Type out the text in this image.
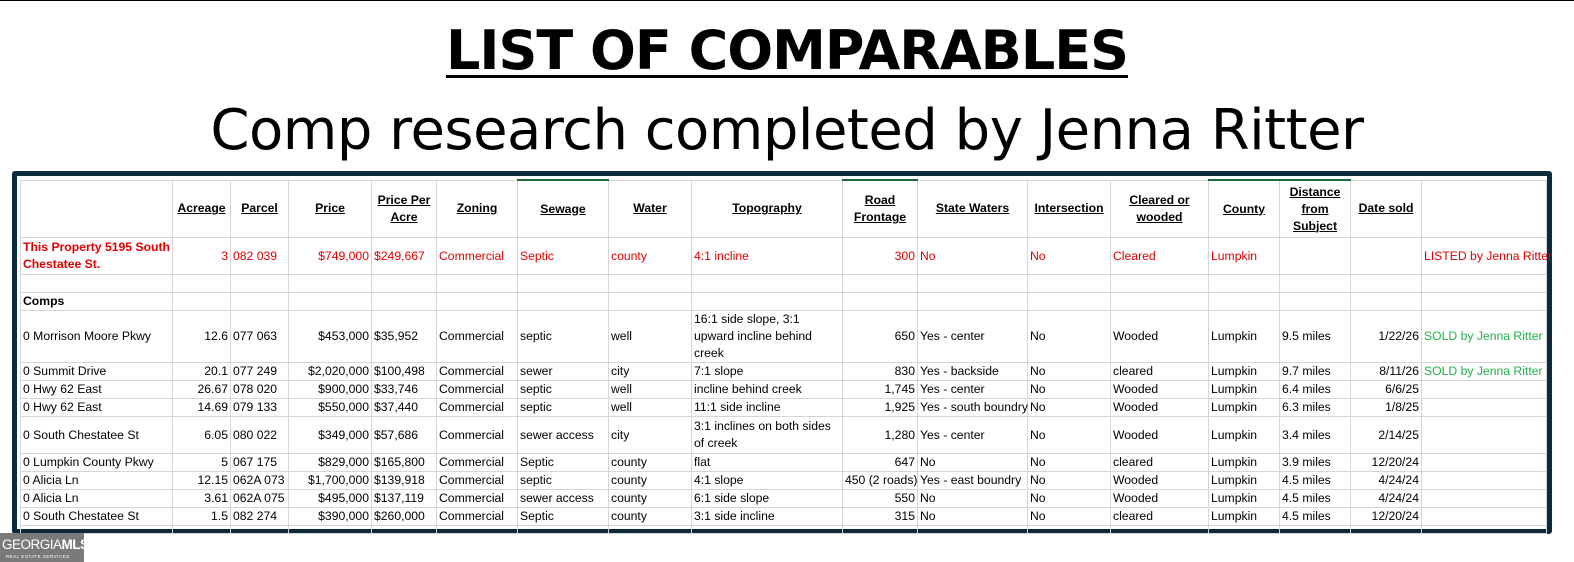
LIST OF COMPARABLES
Comp research completed by Jenna Ritter
	Acreage	Parcel	Price	Price Per Acre	Zoning	Sewage	Water	Topography	Road Frontage	State Waters	Intersection	Cleared or wooded	County	Distance from Subject	Date sold	
This Property 5195 South Chestatee St.	3	082 039	$749,000	$249,667	Commercial	Septic	county	4:1 incline	300	No	No	Cleared	Lumpkin			LISTED by Jenna Ritter

Comps																
0 Morrison Moore Pkwy	12.6	077 063	$453,000	$35,952	Commercial	septic	well	16:1 side slope, 3:1 upward incline behind creek	650	Yes - center	No	Wooded	Lumpkin	9.5 miles	1/22/26	SOLD by Jenna Ritter
0 Summit Drive	20.1	077 249	$2,020,000	$100,498	Commercial	sewer	city	7:1 slope	830	Yes - backside	No	cleared	Lumpkin	9.7 miles	8/11/26	SOLD by Jenna Ritter
0 Hwy 62 East	26.67	078 020	$900,000	$33,746	Commercial	septic	well	incline behind creek	1,745	Yes - center	No	Wooded	Lumpkin	6.4 miles	6/6/25	
0 Hwy 62 East	14.69	079 133	$550,000	$37,440	Commercial	septic	well	11:1 side incline	1,925	Yes - south boundry	No	Wooded	Lumpkin	6.3 miles	1/8/25	
0 South Chestatee St	6.05	080 022	$349,000	$57,686	Commercial	sewer access	city	3:1 inclines on both sides of creek	1,280	Yes - center	No	Wooded	Lumpkin	3.4 miles	2/14/25	
0 Lumpkin County Pkwy	5	067 175	$829,000	$165,800	Commercial	Septic	county	flat	647	No	No	cleared	Lumpkin	3.9 miles	12/20/24	
0 Alicia Ln	12.15	062A 073	$1,700,000	$139,918	Commercial	septic	county	4:1 slope	450 (2 roads)	Yes - east boundry	No	Wooded	Lumpkin	4.5 miles	4/24/24	
0 Alicia Ln	3.61	062A 075	$495,000	$137,119	Commercial	sewer access	county	6:1 side slope	550	No	No	Wooded	Lumpkin	4.5 miles	4/24/24	
0 South Chestatee St	1.5	082 274	$390,000	$260,000	Commercial	Septic	county	3:1 side incline	315	No	No	cleared	Lumpkin	4.5 miles	12/20/24	

GEORGIAMLS
REAL ESTATE SERVICES
